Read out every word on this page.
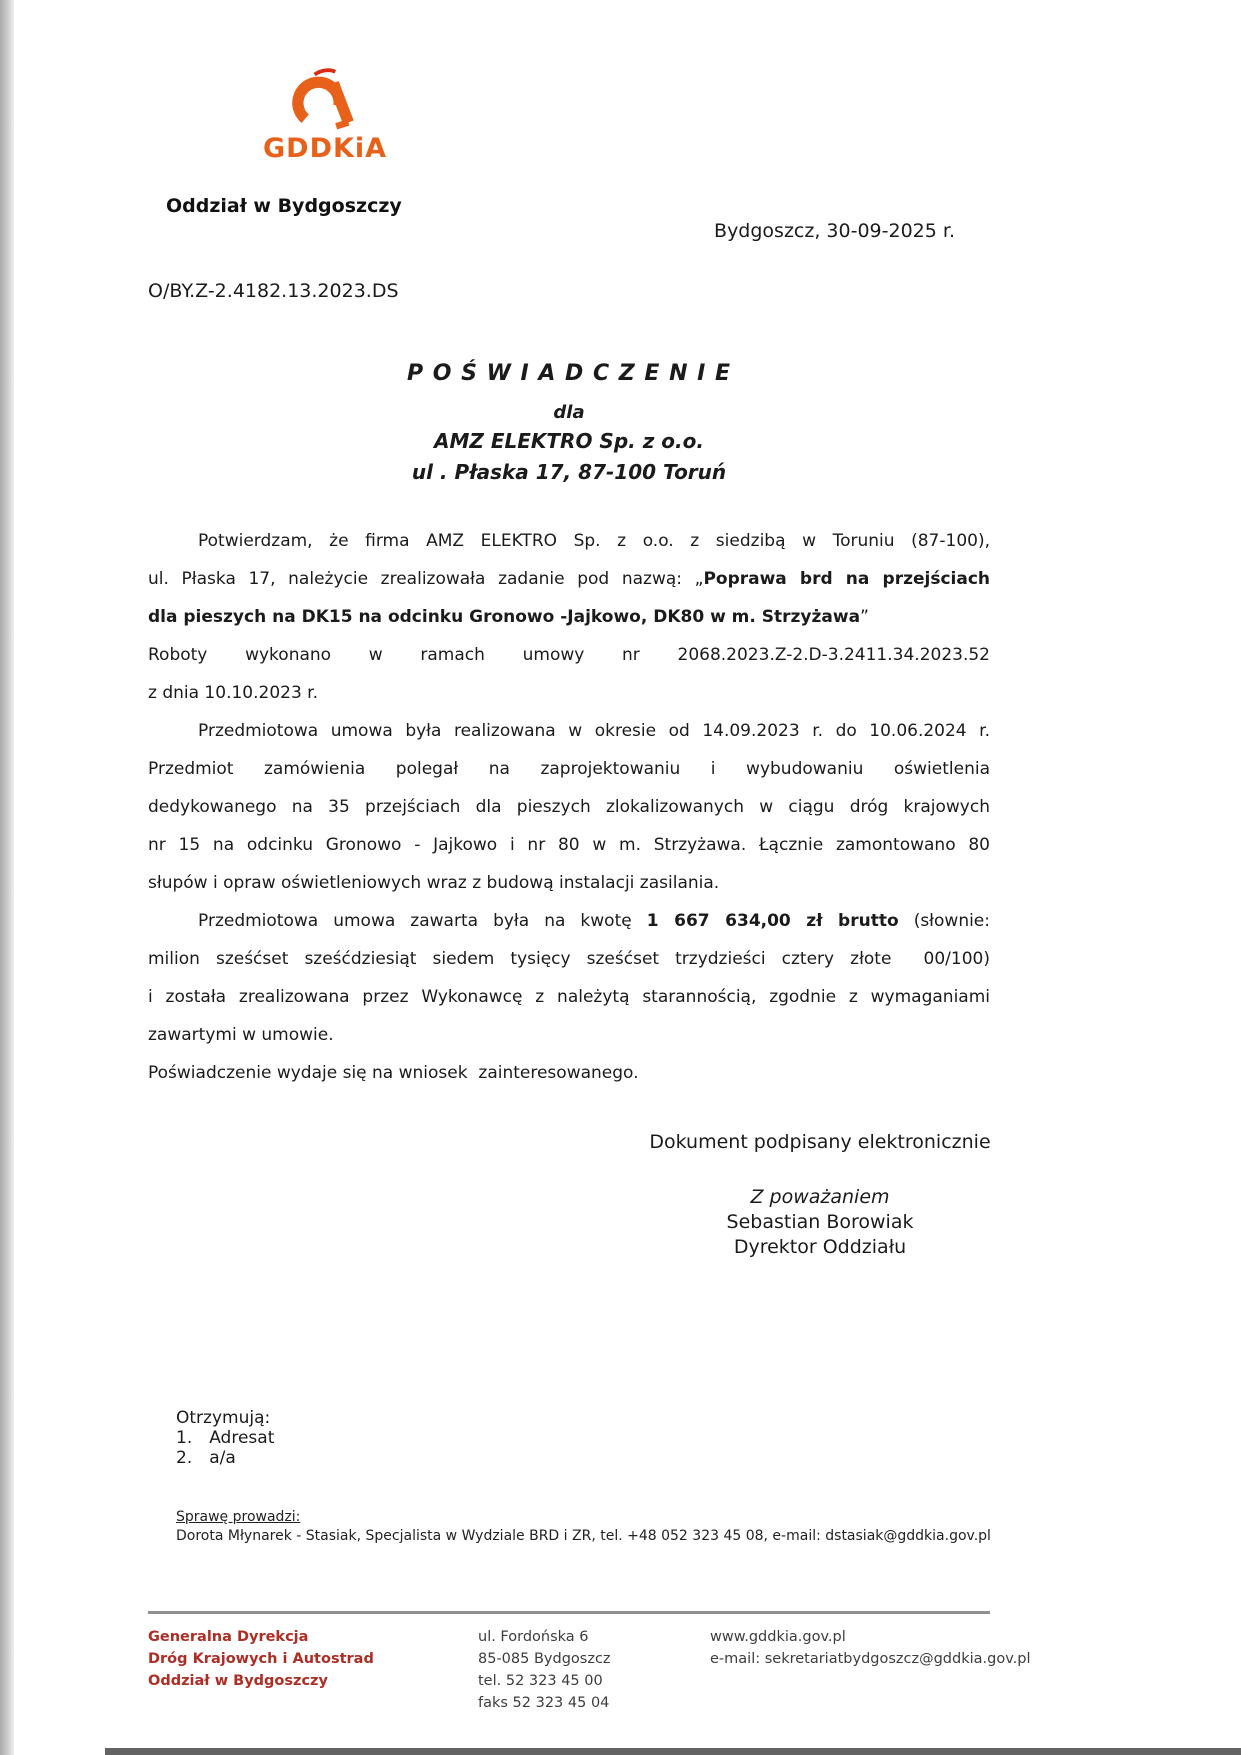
GDDKiA
Oddział w Bydgoszczy
Bydgoszcz, 30-09-2025 r.
O/BY.Z-2.4182.13.2023.DS
P O Ś W I A D C Z E N I E
dla
AMZ ELEKTRO Sp. z o.o.
ul . Płaska 17, 87-100 Toruń
Potwierdzam, że firma AMZ ELEKTRO Sp. z o.o. z siedzibą w Toruniu (87-100),
ul. Płaska 17, należycie zrealizowała zadanie pod nazwą: „Poprawa brd na przejściach
dla pieszych na DK15 na odcinku Gronowo -Jajkowo, DK80 w m. Strzyżawa”
Roboty wykonano w ramach umowy nr 2068.2023.Z-2.D-3.2411.34.2023.52
z dnia 10.10.2023 r.
Przedmiotowa umowa była realizowana w okresie od 14.09.2023 r. do 10.06.2024 r.
Przedmiot zamówienia polegał na zaprojektowaniu i wybudowaniu oświetlenia
dedykowanego na 35 przejściach dla pieszych zlokalizowanych w ciągu dróg krajowych
nr 15 na odcinku Gronowo - Jajkowo i nr 80 w m. Strzyżawa. Łącznie zamontowano 80
słupów i opraw oświetleniowych wraz z budową instalacji zasilania.
Przedmiotowa umowa zawarta była na kwotę 1 667 634,00 zł brutto (słownie:
milion sześćset sześćdziesiąt siedem tysięcy sześćset trzydzieści cztery złote  00/100)
i została zrealizowana przez Wykonawcę z należytą starannością, zgodnie z wymaganiami
zawartymi w umowie.
Poświadczenie wydaje się na wniosek  zainteresowanego.
Dokument podpisany elektronicznie
Z poważaniem
Sebastian Borowiak
Dyrektor Oddziału
Otrzymują:
1. Adresat
2. a/a
Sprawę prowadzi:
Dorota Młynarek - Stasiak, Specjalista w Wydziale BRD i ZR, tel. +48 052 323 45 08, e-mail: dstasiak@gddkia.gov.pl
Generalna Dyrekcja
Dróg Krajowych i Autostrad
Oddział w Bydgoszczy
ul. Fordońska 6
85-085 Bydgoszcz
tel. 52 323 45 00
faks 52 323 45 04
www.gddkia.gov.pl
e-mail: sekretariatbydgoszcz@gddkia.gov.pl
